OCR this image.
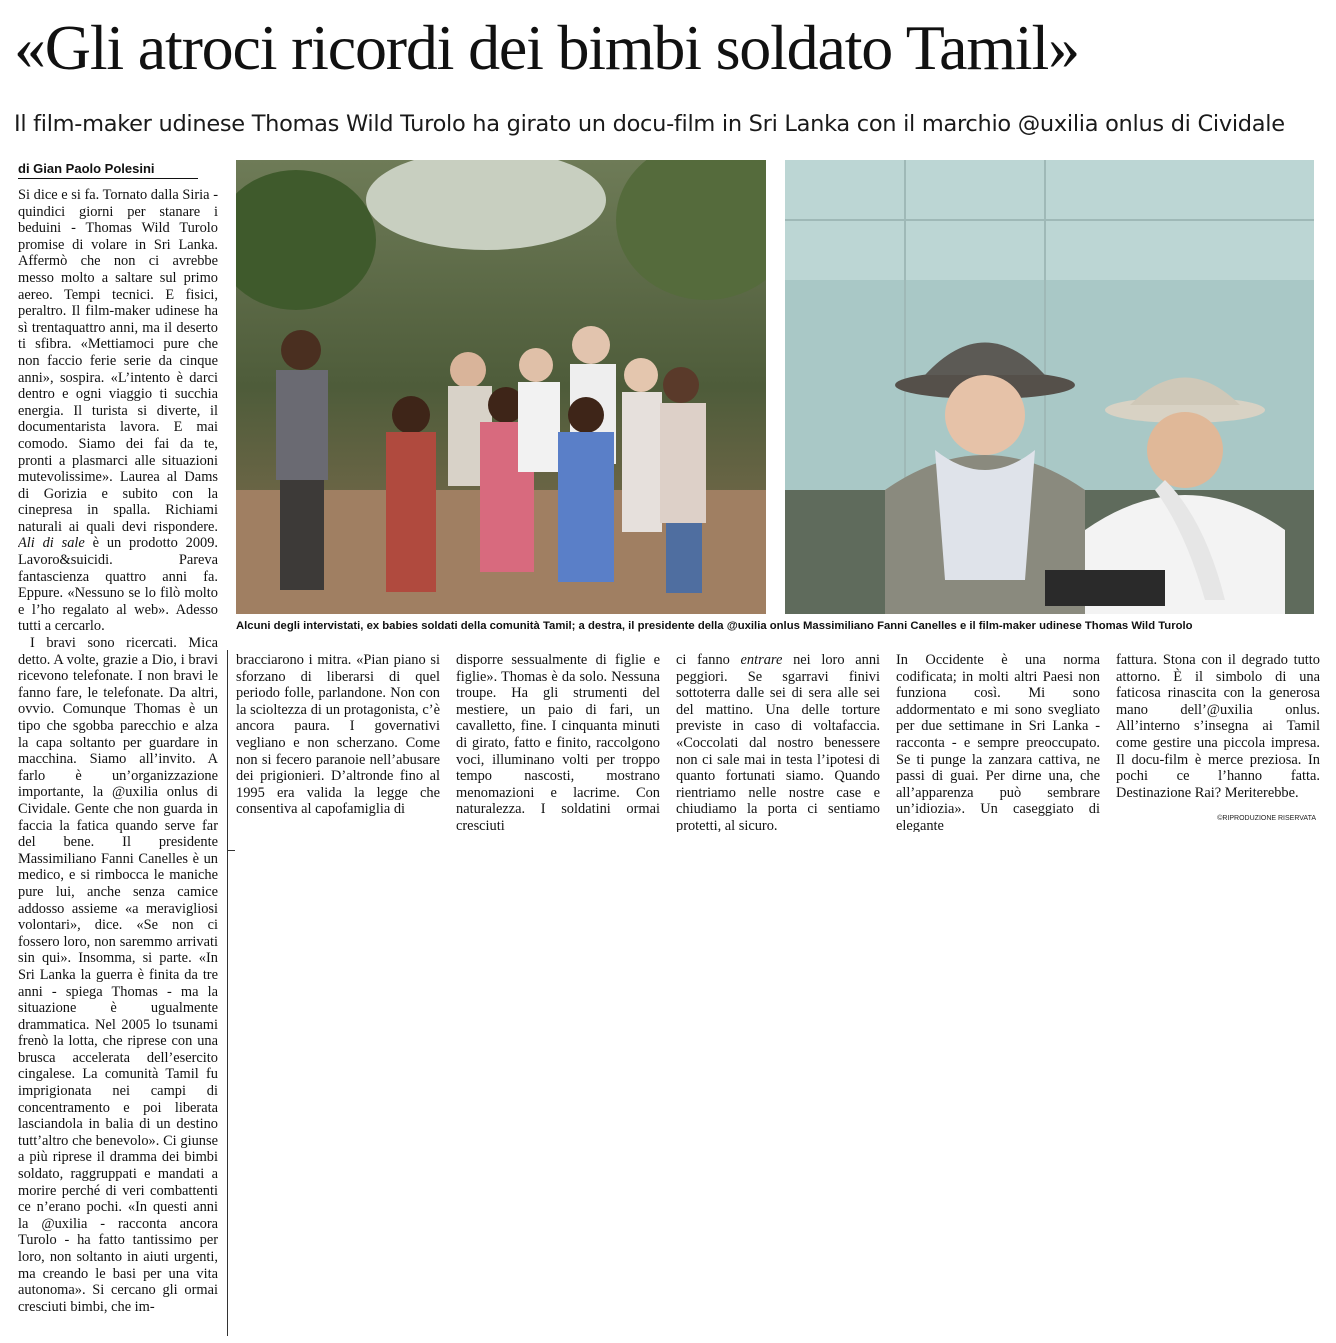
«Gli atroci ricordi dei bimbi soldato Tamil»
Il film-maker udinese Thomas Wild Turolo ha girato un docu-film in Sri Lanka con il marchio @uxilia onlus di Cividale
di Gian Paolo Polesini

Si dice e si fa. Tornato dalla Siria - quindici giorni per stanare i beduini - Thomas Wild Turolo promise di volare in Sri Lanka. Affermò che non ci avrebbe messo molto a saltare sul primo aereo. Tempi tecnici. E fisici, peraltro. Il film-maker udinese ha sì trentaquattro anni, ma il deserto ti sfibra. «Mettiamoci pure che non faccio ferie serie da cinque anni», sospira. «L’intento è darci dentro e ogni viaggio ti succhia energia. Il turista si diverte, il documentarista lavora. E mai comodo. Siamo dei fai da te, pronti a plasmarci alle situazioni mutevolissime». Laurea al Dams di Gorizia e subito con la cinepresa in spalla. Richiami naturali ai quali devi rispondere. Ali di sale è un prodotto 2009. Lavoro&suicidi. Pareva fantascienza quattro anni fa. Eppure. «Nessuno se lo filò molto e l’ho regalato al web». Adesso tutti a cercarlo.

I bravi sono ricercati. Mica detto. A volte, grazie a Dio, i bravi ricevono telefonate. I non bravi le fanno fare, le telefonate. Da altri, ovvio. Comunque Thomas è un tipo che sgobba parecchio e alza la capa soltanto per guardare in macchina. Siamo all’invito. A farlo è un’organizzazione importante, la @uxilia onlus di Cividale. Gente che non guarda in faccia la fatica quando serve far del bene. Il presidente Massimiliano Fanni Canelles è un medico, e si rimbocca le maniche pure lui, anche senza camice addosso assieme «a meravigliosi volontari», dice. «Se non ci fossero loro, non saremmo arrivati sin qui». Insomma, si parte. «In Sri Lanka la guerra è finita da tre anni - spiega Thomas - ma la situazione è ugualmente drammatica. Nel 2005 lo tsunami frenò la lotta, che riprese con una brusca accelerata dell’esercito cingalese. La comunità Tamil fu imprigionata nei campi di concentramento e poi liberata lasciandola in balia di un destino tutt’altro che benevolo». Ci giunse a più riprese il dramma dei bimbi soldato, raggruppati e mandati a morire perché di veri combattenti ce n’erano pochi. «In questi anni la @uxilia - racconta ancora Turolo - ha fatto tantissimo per loro, non soltanto in aiuti urgenti, ma creando le basi per una vita autonoma». Si cercano gli ormai cresciuti bimbi, che im-

Alcuni degli intervistati, ex babies soldati della comunità Tamil; a destra, il presidente della @uxilia onlus Massimiliano Fanni Canelles e il film-maker udinese Thomas Wild Turolo

bracciarono i mitra. «Pian piano si sforzano di liberarsi di quel periodo folle, parlandone. Non con la scioltezza di un protagonista, c’è ancora paura. I governativi vegliano e non scherzano. Come non si fecero paranoie nell’abusare dei prigionieri. D’altronde fino al 1995 era valida la legge che consentiva al capofamiglia di

disporre sessualmente di figlie e figlie». Thomas è da solo. Nessuna troupe. Ha gli strumenti del mestiere, un paio di fari, un cavalletto, fine. I cinquanta minuti di girato, fatto e finito, raccolgono voci, illuminano volti per troppo tempo nascosti, mostrano menomazioni e lacrime. Con naturalezza. I soldatini ormai cresciuti

ci fanno entrare nei loro anni peggiori. Se sgarravi finivi sottoterra dalle sei di sera alle sei del mattino. Una delle torture previste in caso di voltafaccia. «Coccolati dal nostro benessere non ci sale mai in testa l’ipotesi di quanto fortunati siamo. Quando rientriamo nelle nostre case e chiudiamo la porta ci sentiamo protetti, al sicuro.

In Occidente è una norma codificata; in molti altri Paesi non funziona così. Mi sono addormentato e mi sono svegliato per due settimane in Sri Lanka - racconta - e sempre preoccupato. Se ti punge la zanzara cattiva, ne passi di guai. Per dirne una, che all’apparenza può sembrare un’idiozia». Un caseggiato di elegante

fattura. Stona con il degrado tutto attorno. È il simbolo di una faticosa rinascita con la generosa mano dell’@uxilia onlus. All’interno s’insegna ai Tamil come gestire una piccola impresa. Il docu-film è merce preziosa. In pochi ce l’hanno fatta. Destinazione Rai? Meriterebbe.

©RIPRODUZIONE RISERVATA
